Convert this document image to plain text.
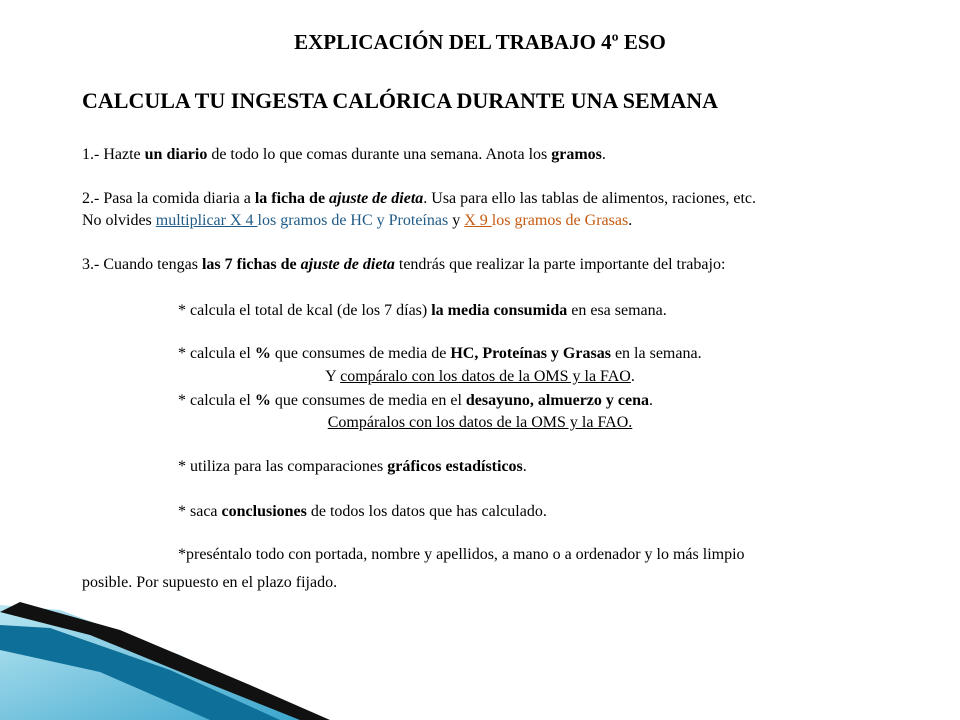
EXPLICACIÓN DEL TRABAJO 4º ESO
CALCULA TU INGESTA CALÓRICA DURANTE UNA SEMANA
1.- Hazte un diario de todo lo que comas durante una semana. Anota los gramos.
2.- Pasa la comida diaria a la ficha de ajuste de dieta. Usa para ello las tablas de alimentos, raciones, etc.
No olvides multiplicar X 4 los gramos de HC y Proteínas y X 9 los gramos de Grasas.
3.- Cuando tengas las 7 fichas de ajuste de dieta tendrás que realizar la parte importante del trabajo:
* calcula el total de kcal (de los 7 días) la media consumida en esa semana.
* calcula el % que consumes de media de HC, Proteínas y Grasas en la semana.
Y compáralo con los datos de la OMS y la FAO.
* calcula el % que consumes de media en el desayuno, almuerzo y cena.
Compáralos con los datos de la OMS y la FAO.
* utiliza para las comparaciones gráficos estadísticos.
* saca conclusiones de todos los datos que has calculado.
*preséntalo todo con portada, nombre y apellidos, a mano o a ordenador y lo más limpio
posible. Por supuesto en el plazo fijado.
